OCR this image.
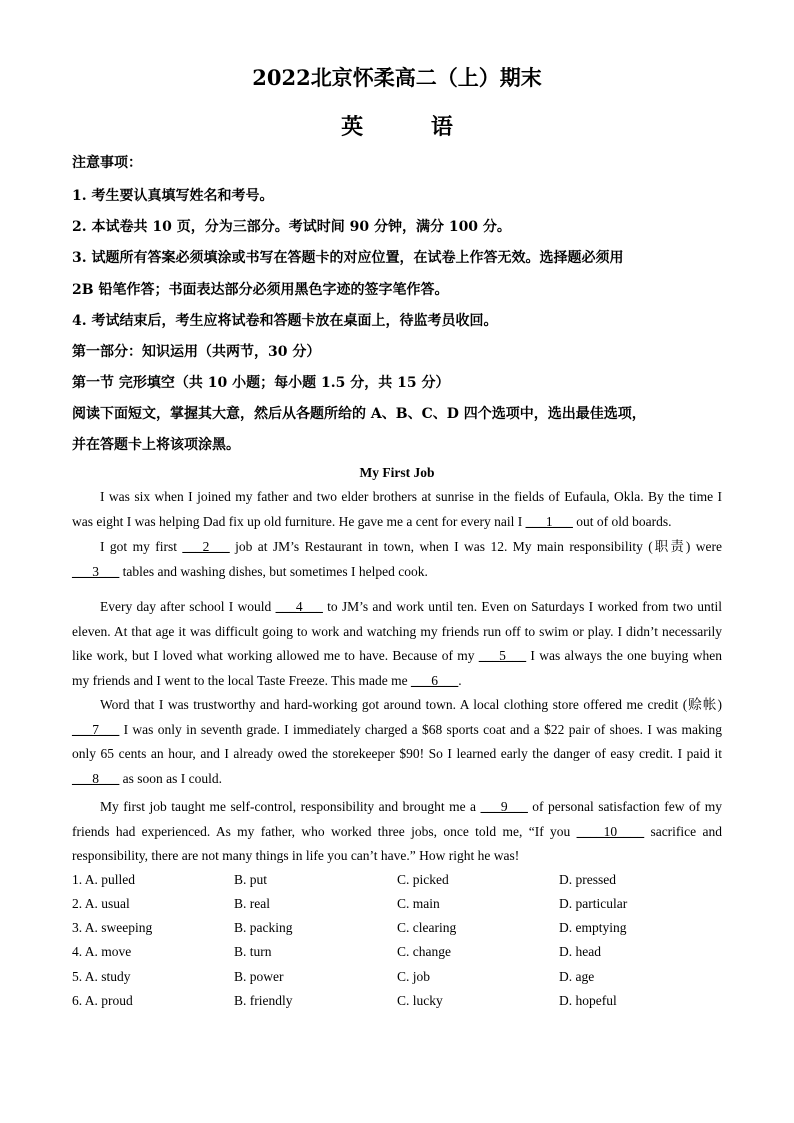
2022北京怀柔高二（上）期末
英 语
注意事项：
1. 考生要认真填写姓名和考号。
2. 本试卷共 10 页，分为三部分。考试时间 90 分钟，满分 100 分。
3. 试题所有答案必须填涂或书写在答题卡的对应位置，在试卷上作答无效。选择题必须用
2B 铅笔作答；书面表达部分必须用黑色字迹的签字笔作答。
4. 考试结束后，考生应将试卷和答题卡放在桌面上，待监考员收回。
第一部分：知识运用（共两节，30 分）
第一节 完形填空（共 10 小题；每小题 1.5 分，共 15 分）
阅读下面短文，掌握其大意，然后从各题所给的 A、B、C、D 四个选项中，选出最佳选项，
并在答题卡上将该项涂黑。
My First Job
I was six when I joined my father and two elder brothers at sunrise in the fields of Eufaula, Okla. By the time I was eight I was helping Dad fix up old furniture. He gave me a cent for every nail I ___1___ out of old boards.
I got my first ___2___ job at JM’s Restaurant in town, when I was 12. My main responsibility (职责) were ___3___ tables and washing dishes, but sometimes I helped cook.
Every day after school I would ___4___ to JM’s and work until ten. Even on Saturdays I worked from two until eleven. At that age it was difficult going to work and watching my friends run off to swim or play. I didn’t necessarily like work, but I loved what working allowed me to have. Because of my ___5___ I was always the one buying when my friends and I went to the local Taste Freeze. This made me ___6___.
Word that I was trustworthy and hard-working got around town. A local clothing store offered me credit (赊帐) ___7___ I was only in seventh grade. I immediately charged a $68 sports coat and a $22 pair of shoes. I was making only 65 cents an hour, and I already owed the storekeeper $90! So I learned early the danger of easy credit. I paid it ___8___ as soon as I could.
My first job taught me self-control, responsibility and brought me a ___9___ of personal satisfaction few of my friends had experienced. As my father, who worked three jobs, once told me, “If you ____10____ sacrifice and responsibility, there are not many things in life you can’t have.” How right he was!
1. A. pulled	B. put	C. picked	D. pressed
2. A. usual	B. real	C. main	D. particular
3. A. sweeping	B. packing	C. clearing	D. emptying
4. A. move	B. turn	C. change	D. head
5. A. study	B. power	C. job	D. age
6. A. proud	B. friendly	C. lucky	D. hopeful
